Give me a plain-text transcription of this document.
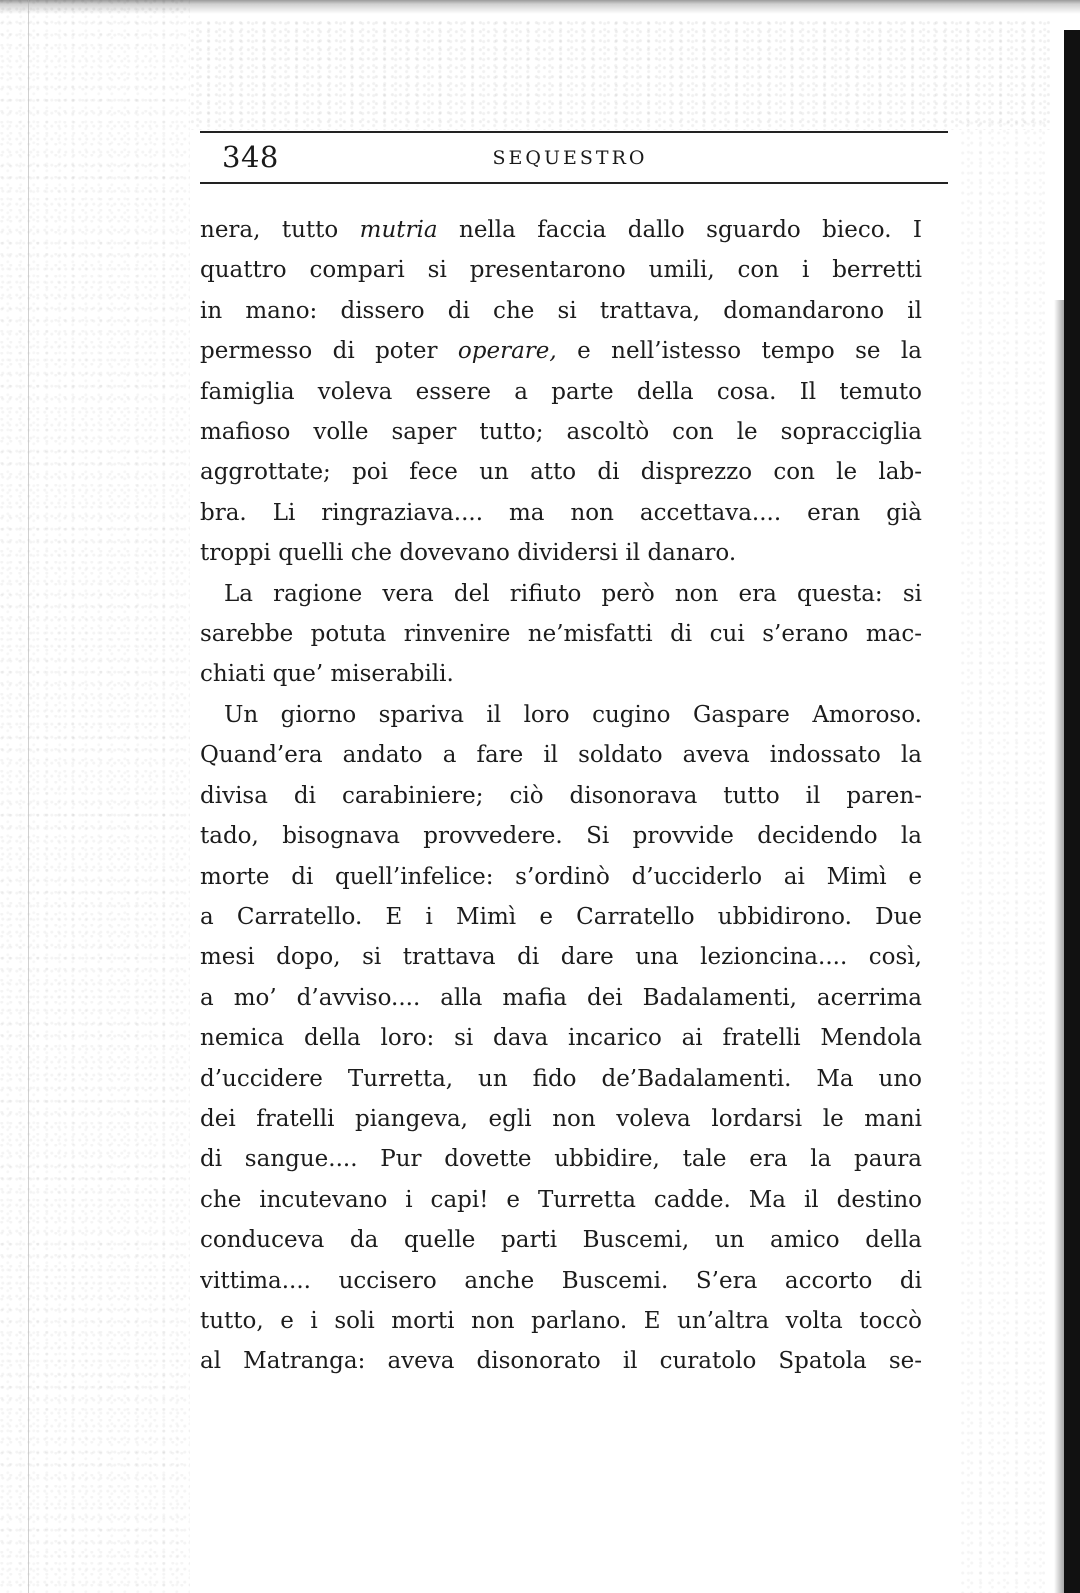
348	SEQUESTRO
nera, tutto mutria nella faccia dallo sguardo bieco. I
quattro compari si presentarono umili, con i berretti
in mano: dissero di che si trattava, domandarono il
permesso di poter operare, e nell’istesso tempo se la
famiglia voleva essere a parte della cosa. Il temuto
mafioso volle saper tutto; ascoltò con le sopracciglia
aggrottate; poi fece un atto di disprezzo con le lab-
bra. Li ringraziava.... ma non accettava.... eran già
troppi quelli che dovevano dividersi il danaro.
La ragione vera del rifiuto però non era questa: si
sarebbe potuta rinvenire ne’misfatti di cui s’erano mac-
chiati que’ miserabili.
Un giorno spariva il loro cugino Gaspare Amoroso.
Quand’era andato a fare il soldato aveva indossato la
divisa di carabiniere; ciò disonorava tutto il paren-
tado, bisognava provvedere. Si provvide decidendo la
morte di quell’infelice: s’ordinò d’ucciderlo ai Mimì e
a Carratello. E i Mimì e Carratello ubbidirono. Due
mesi dopo, si trattava di dare una lezioncina.... così,
a mo’ d’avviso.... alla mafia dei Badalamenti, acerrima
nemica della loro: si dava incarico ai fratelli Mendola
d’uccidere Turretta, un fido de’Badalamenti. Ma uno
dei fratelli piangeva, egli non voleva lordarsi le mani
di sangue.... Pur dovette ubbidire, tale era la paura
che incutevano i capi! e Turretta cadde. Ma il destino
conduceva da quelle parti Buscemi, un amico della
vittima.... uccisero anche Buscemi. S’era accorto di
tutto, e i soli morti non parlano. E un’altra volta toccò
al Matranga: aveva disonorato il curatolo Spatola se-
